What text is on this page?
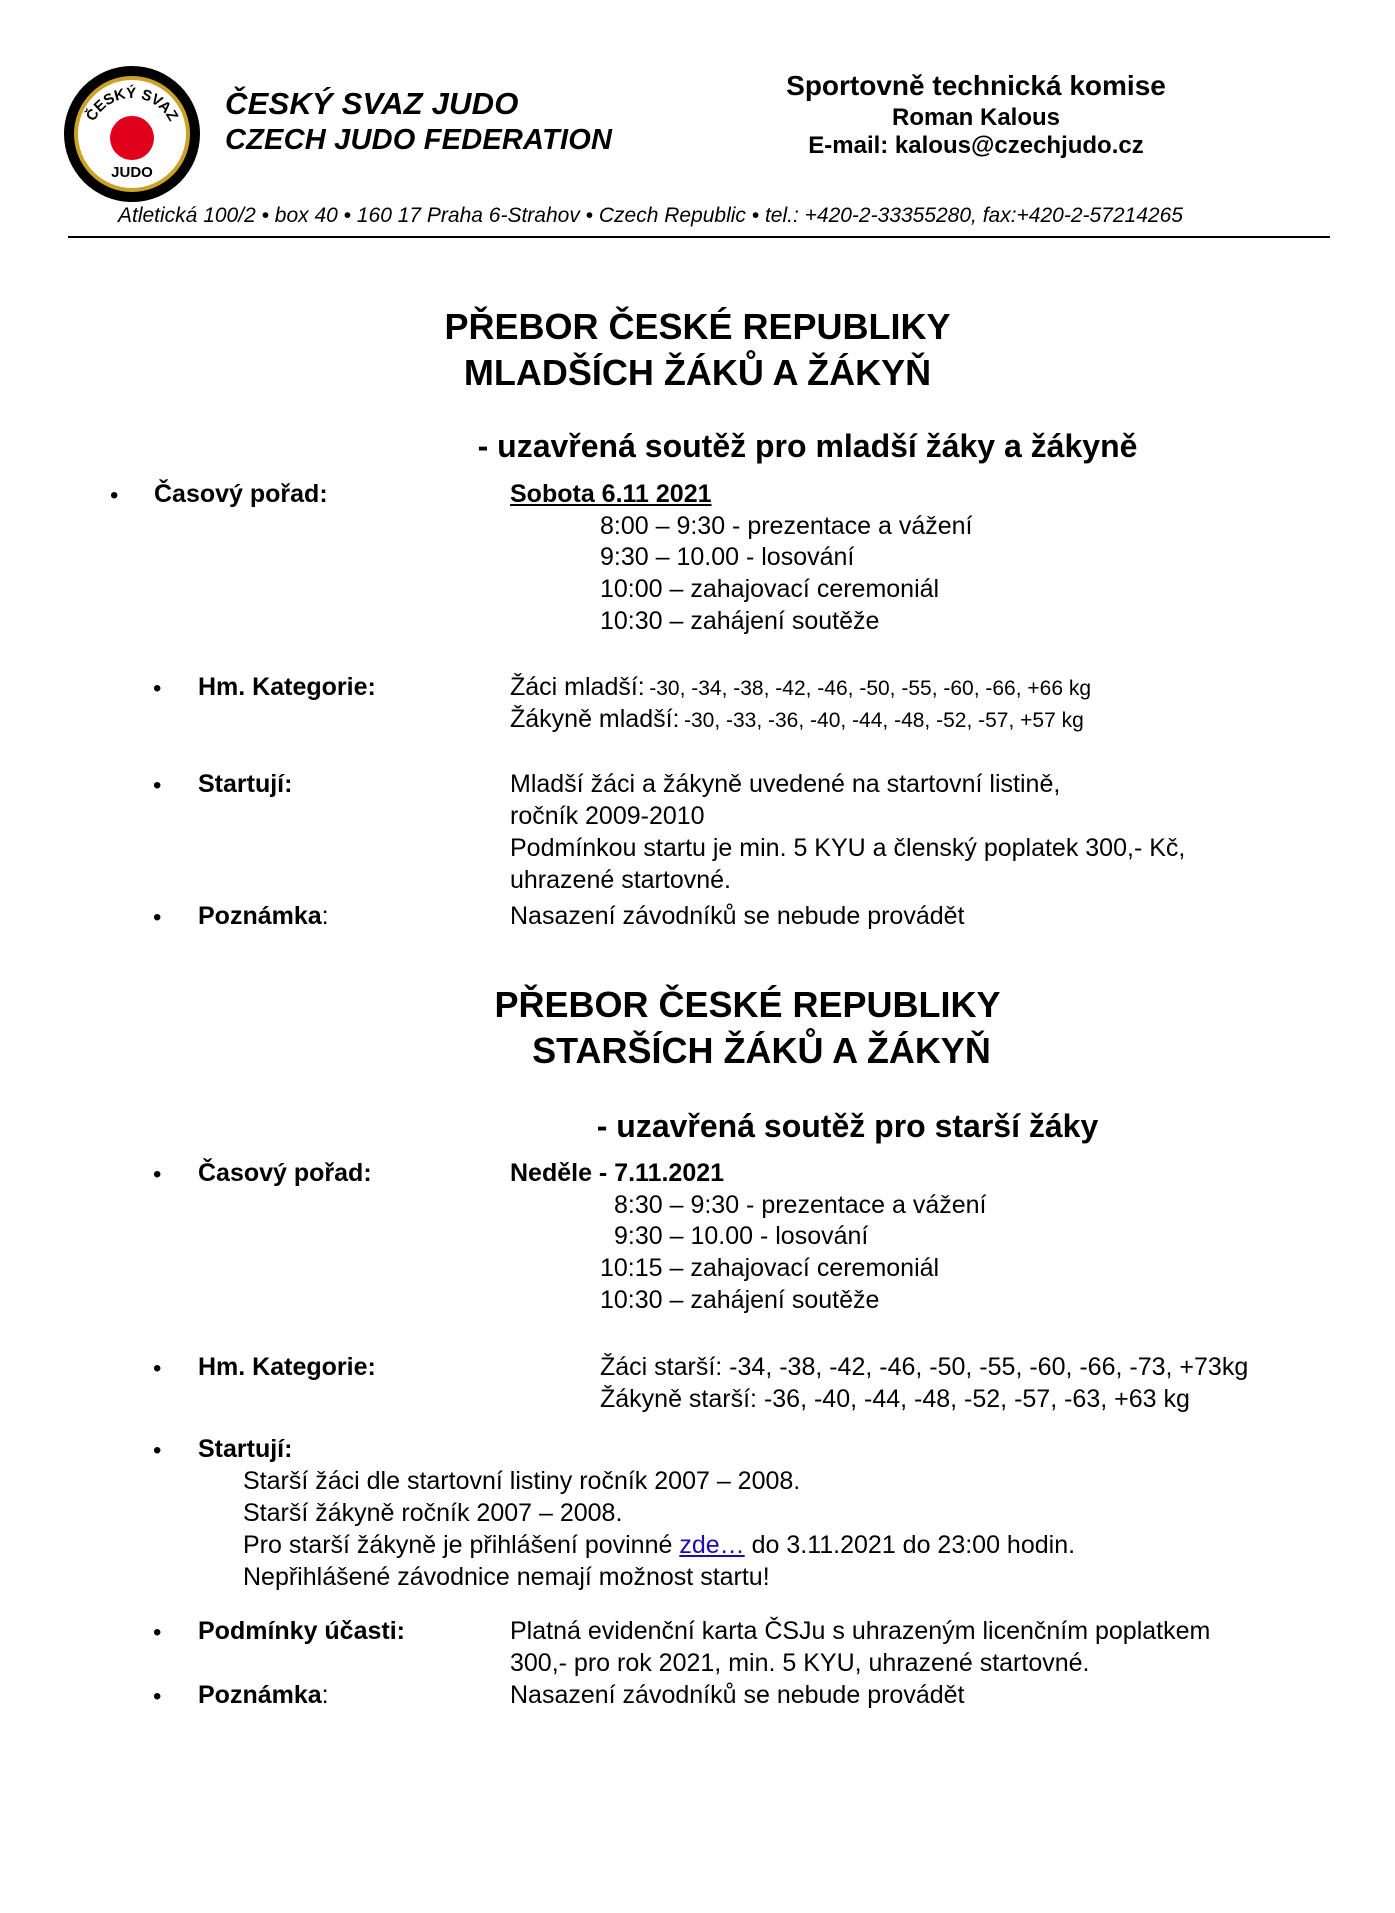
ČESKÝ SVAZ
JUDO
ČESKÝ SVAZ JUDO
CZECH JUDO FEDERATION
Sportovně technická komise
Roman Kalous
E-mail: kalous@czechjudo.cz
Atletická 100/2 • box 40 • 160 17 Praha 6-Strahov • Czech Republic • tel.: +420-2-33355280, fax:+420-2-57214265
PŘEBOR ČESKÉ REPUBLIKY
MLADŠÍCH ŽÁKŮ A ŽÁKYŇ
- uzavřená soutěž pro mladší žáky a žákyně
• Časový pořad:	Sobota 6.11 2021
8:00 – 9:30 - prezentace a vážení
9:30 – 10.00 - losování
10:00 – zahajovací ceremoniál
10:30 – zahájení soutěže
• Hm. Kategorie:	Žáci mladší: -30, -34, -38, -42, -46, -50, -55, -60, -66, +66 kg
Žákyně mladší: -30, -33, -36, -40, -44, -48, -52, -57, +57 kg
• Startují:	Mladší žáci a žákyně uvedené na startovní listině,
ročník 2009-2010
Podmínkou startu je min. 5 KYU a členský poplatek 300,- Kč,
uhrazené startovné.
• Poznámka:	Nasazení závodníků se nebude provádět
PŘEBOR ČESKÉ REPUBLIKY
STARŠÍCH ŽÁKŮ A ŽÁKYŇ
- uzavřená soutěž pro starší žáky
• Časový pořad:	Neděle - 7.11.2021
8:30 – 9:30 - prezentace a vážení
9:30 – 10.00 - losování
10:15 – zahajovací ceremoniál
10:30 – zahájení soutěže
• Hm. Kategorie:	Žáci starší: -34, -38, -42, -46, -50, -55, -60, -66, -73, +73kg
Žákyně starší: -36, -40, -44, -48, -52, -57, -63, +63 kg
• Startují:
Starší žáci dle startovní listiny ročník 2007 – 2008.
Starší žákyně ročník 2007 – 2008.
Pro starší žákyně je přihlášení povinné zde… do 3.11.2021 do 23:00 hodin.
Nepřihlášené závodnice nemají možnost startu!
• Podmínky účasti:	Platná evidenční karta ČSJu s uhrazeným licenčním poplatkem
300,- pro rok 2021, min. 5 KYU, uhrazené startovné.
• Poznámka:	Nasazení závodníků se nebude provádět
